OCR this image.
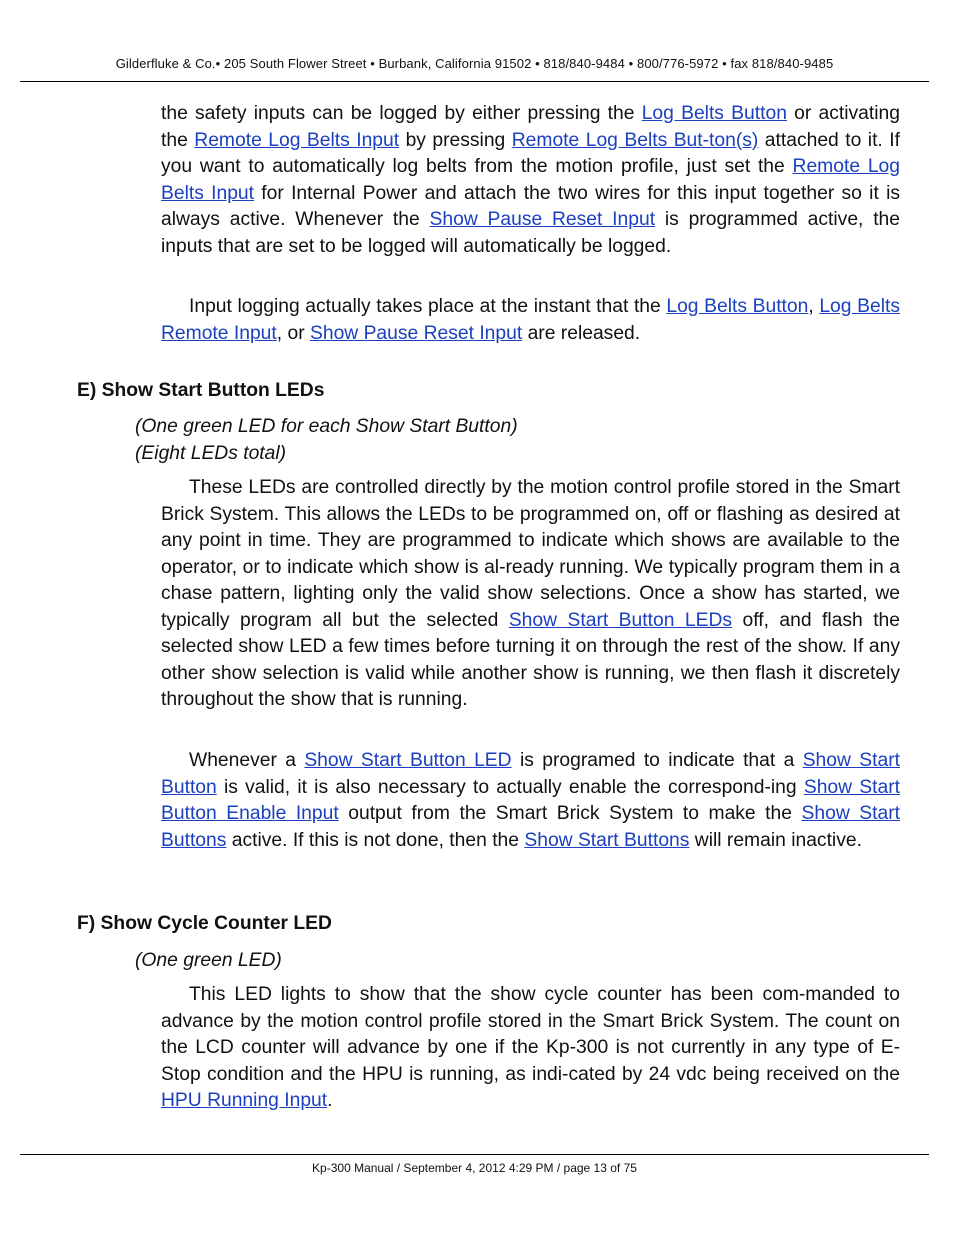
Gilderfluke & Co.• 205 South Flower Street • Burbank, California 91502 • 818/840-9484 • 800/776-5972 • fax 818/840-9485

the safety inputs can be logged by either pressing the Log Belts Button or activating the Remote Log Belts Input by pressing Remote Log Belts But-ton(s) attached to it. If you want to automatically log belts from the motion profile, just set the Remote Log Belts Input for Internal Power and attach the two wires for this input together so it is always active. Whenever the Show Pause Reset Input is programmed active, the inputs that are set to be logged will automatically be logged.

Input logging actually takes place at the instant that the Log Belts Button, Log Belts Remote Input, or Show Pause Reset Input are released.

E) Show Start Button LEDs

(One green LED for each Show Start Button)

(Eight LEDs total)

These LEDs are controlled directly by the motion control profile stored in the Smart Brick System. This allows the LEDs to be programmed on, off or flashing as desired at any point in time. They are programmed to indicate which shows are available to the operator, or to indicate which show is al-ready running. We typically program them in a chase pattern, lighting only the valid show selections. Once a show has started, we typically program all but the selected Show Start Button LEDs off, and flash the selected show LED a few times before turning it on through the rest of the show. If any other show selection is valid while another show is running, we then flash it discretely throughout the show that is running.

Whenever a Show Start Button LED is programed to indicate that a Show Start Button is valid, it is also necessary to actually enable the correspond-ing Show Start Button Enable Input output from the Smart Brick System to make the Show Start Buttons active. If this is not done, then the Show Start Buttons will remain inactive.

F) Show Cycle Counter LED

(One green LED)

This LED lights to show that the show cycle counter has been com-manded to advance by the motion control profile stored in the Smart Brick System. The count on the LCD counter will advance by one if the Kp-300 is not currently in any type of E-Stop condition and the HPU is running, as indi-cated by 24 vdc being received on the HPU Running Input.

Kp-300 Manual / September 4, 2012 4:29 PM / page 13 of 75
